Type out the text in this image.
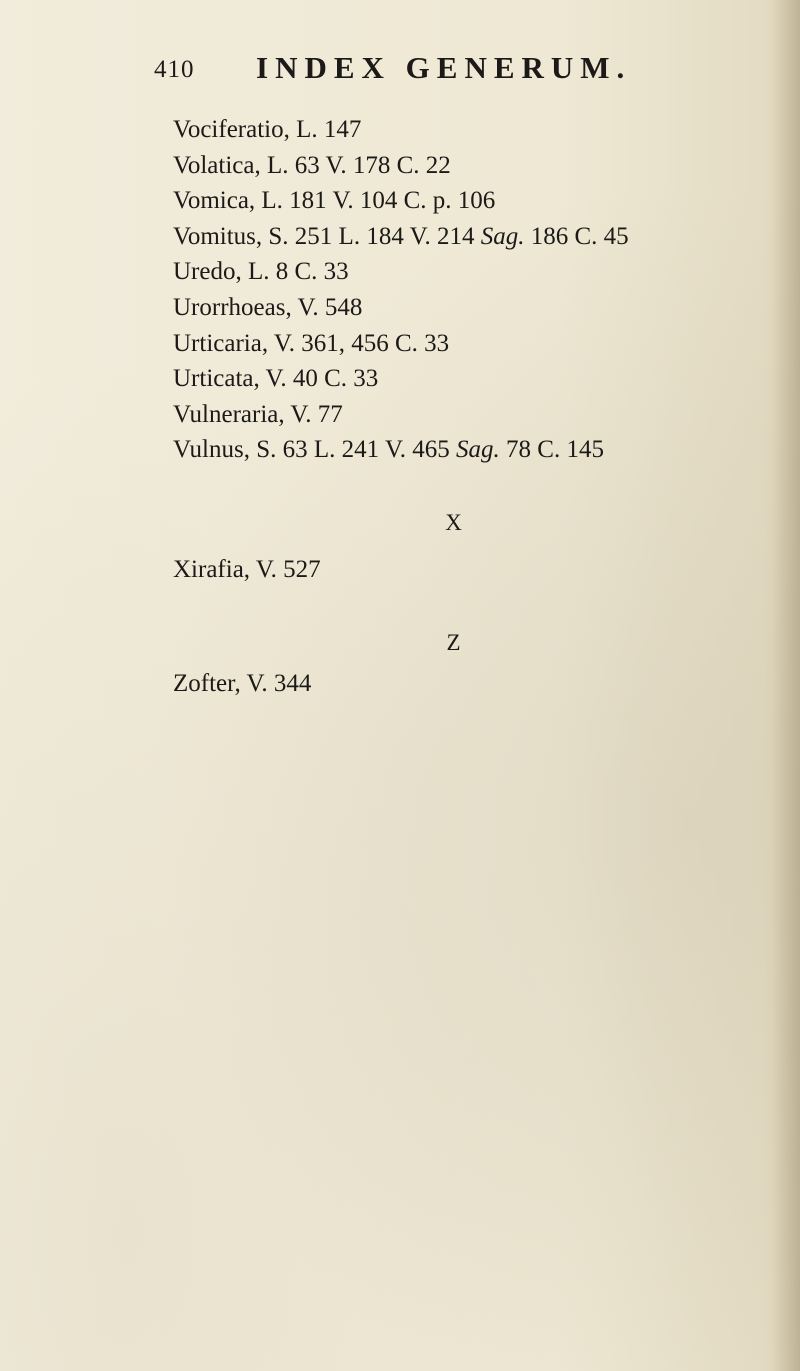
410 INDEX GENERUM.
Vociferatio, L. 147
Volatica, L. 63 V. 178 C. 22
Vomica, L. 181 V. 104 C. p. 106
Vomitus, S. 251 L. 184 V. 214 Sag. 186 C. 45
Uredo, L. 8 C. 33
Urorrhoeas, V. 548
Urticaria, V. 361, 456 C. 33
Urticata, V. 40 C. 33
Vulneraria, V. 77
Vulnus, S. 63 L. 241 V. 465 Sag. 78 C. 145
X
Xirafia, V. 527
Z
Zofter, V. 344
